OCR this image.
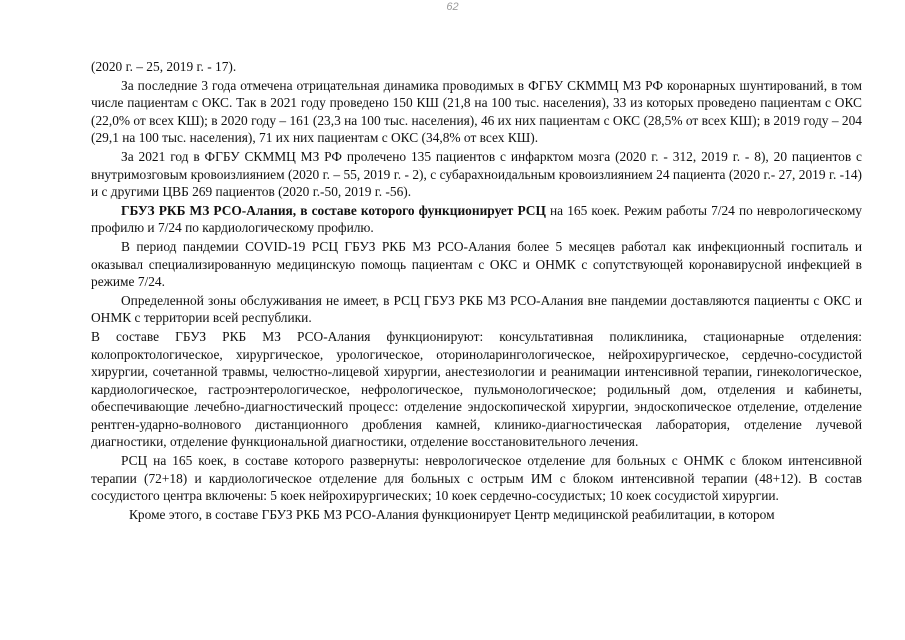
62

(2020 г. – 25, 2019 г. - 17).

За последние 3 года отмечена отрицательная динамика проводимых в ФГБУ СКММЦ МЗ РФ коронарных шунтирований, в том числе пациентам с ОКС. Так в 2021 году проведено 150 КШ (21,8 на 100 тыс. населения), 33 из которых проведено пациентам с ОКС (22,0% от всех КШ); в 2020 году – 161 (23,3 на 100 тыс. населения), 46 их них пациентам с ОКС (28,5% от всех КШ); в 2019 году – 204 (29,1 на 100 тыс. населения), 71 их них пациентам с ОКС (34,8% от всех КШ).

За 2021 год в ФГБУ СКММЦ МЗ РФ пролечено 135 пациентов с инфарктом мозга (2020 г. - 312, 2019 г. - 8), 20 пациентов с внутримозговым кровоизлиянием (2020 г. – 55, 2019 г. - 2), с субарахноидальным кровоизлиянием 24 пациента (2020 г.- 27, 2019 г. -14) и с другими ЦВБ 269 пациентов (2020 г.-50, 2019 г. -56).

ГБУЗ РКБ МЗ РСО-Алания, в составе которого функционирует РСЦ на 165 коек. Режим работы 7/24 по неврологическому профилю и 7/24 по кардиологическому профилю.

В период пандемии COVID-19 РСЦ ГБУЗ РКБ МЗ РСО-Алания более 5 месяцев работал как инфекционный госпиталь и оказывал специализированную медицинскую помощь пациентам с ОКС и ОНМК с сопутствующей коронавирусной инфекцией в режиме 7/24.

Определенной зоны обслуживания не имеет, в РСЦ ГБУЗ РКБ МЗ РСО-Алания вне пандемии доставляются пациенты с ОКС и ОНМК с территории всей республики.

В составе ГБУЗ РКБ МЗ РСО-Алания функционируют: консультативная поликлиника, стационарные отделения: колопроктологическое, хирургическое, урологическое, оториноларингологическое, нейрохирургическое, сердечно-сосудистой хирургии, сочетанной травмы, челюстно-лицевой хирургии, анестезиологии и реанимации интенсивной терапии, гинекологическое, кардиологическое, гастроэнтерологическое, нефрологическое, пульмонологическое; родильный дом, отделения и кабинеты, обеспечивающие лечебно-диагностический процесс: отделение эндоскопической хирургии, эндоскопическое отделение, отделение рентген-ударно-волнового дистанционного дробления камней, клинико-диагностическая лаборатория, отделение лучевой диагностики, отделение функциональной диагностики, отделение восстановительного лечения.

РСЦ на 165 коек, в составе которого развернуты: неврологическое отделение для больных с ОНМК с блоком интенсивной терапии (72+18) и кардиологическое отделение для больных с острым ИМ с блоком интенсивной терапии (48+12). В состав сосудистого центра включены: 5 коек нейрохирургических; 10 коек сердечно-сосудистых; 10 коек сосудистой хирургии.

Кроме этого, в составе ГБУЗ РКБ МЗ РСО-Алания функционирует Центр медицинской реабилитации, в котором
